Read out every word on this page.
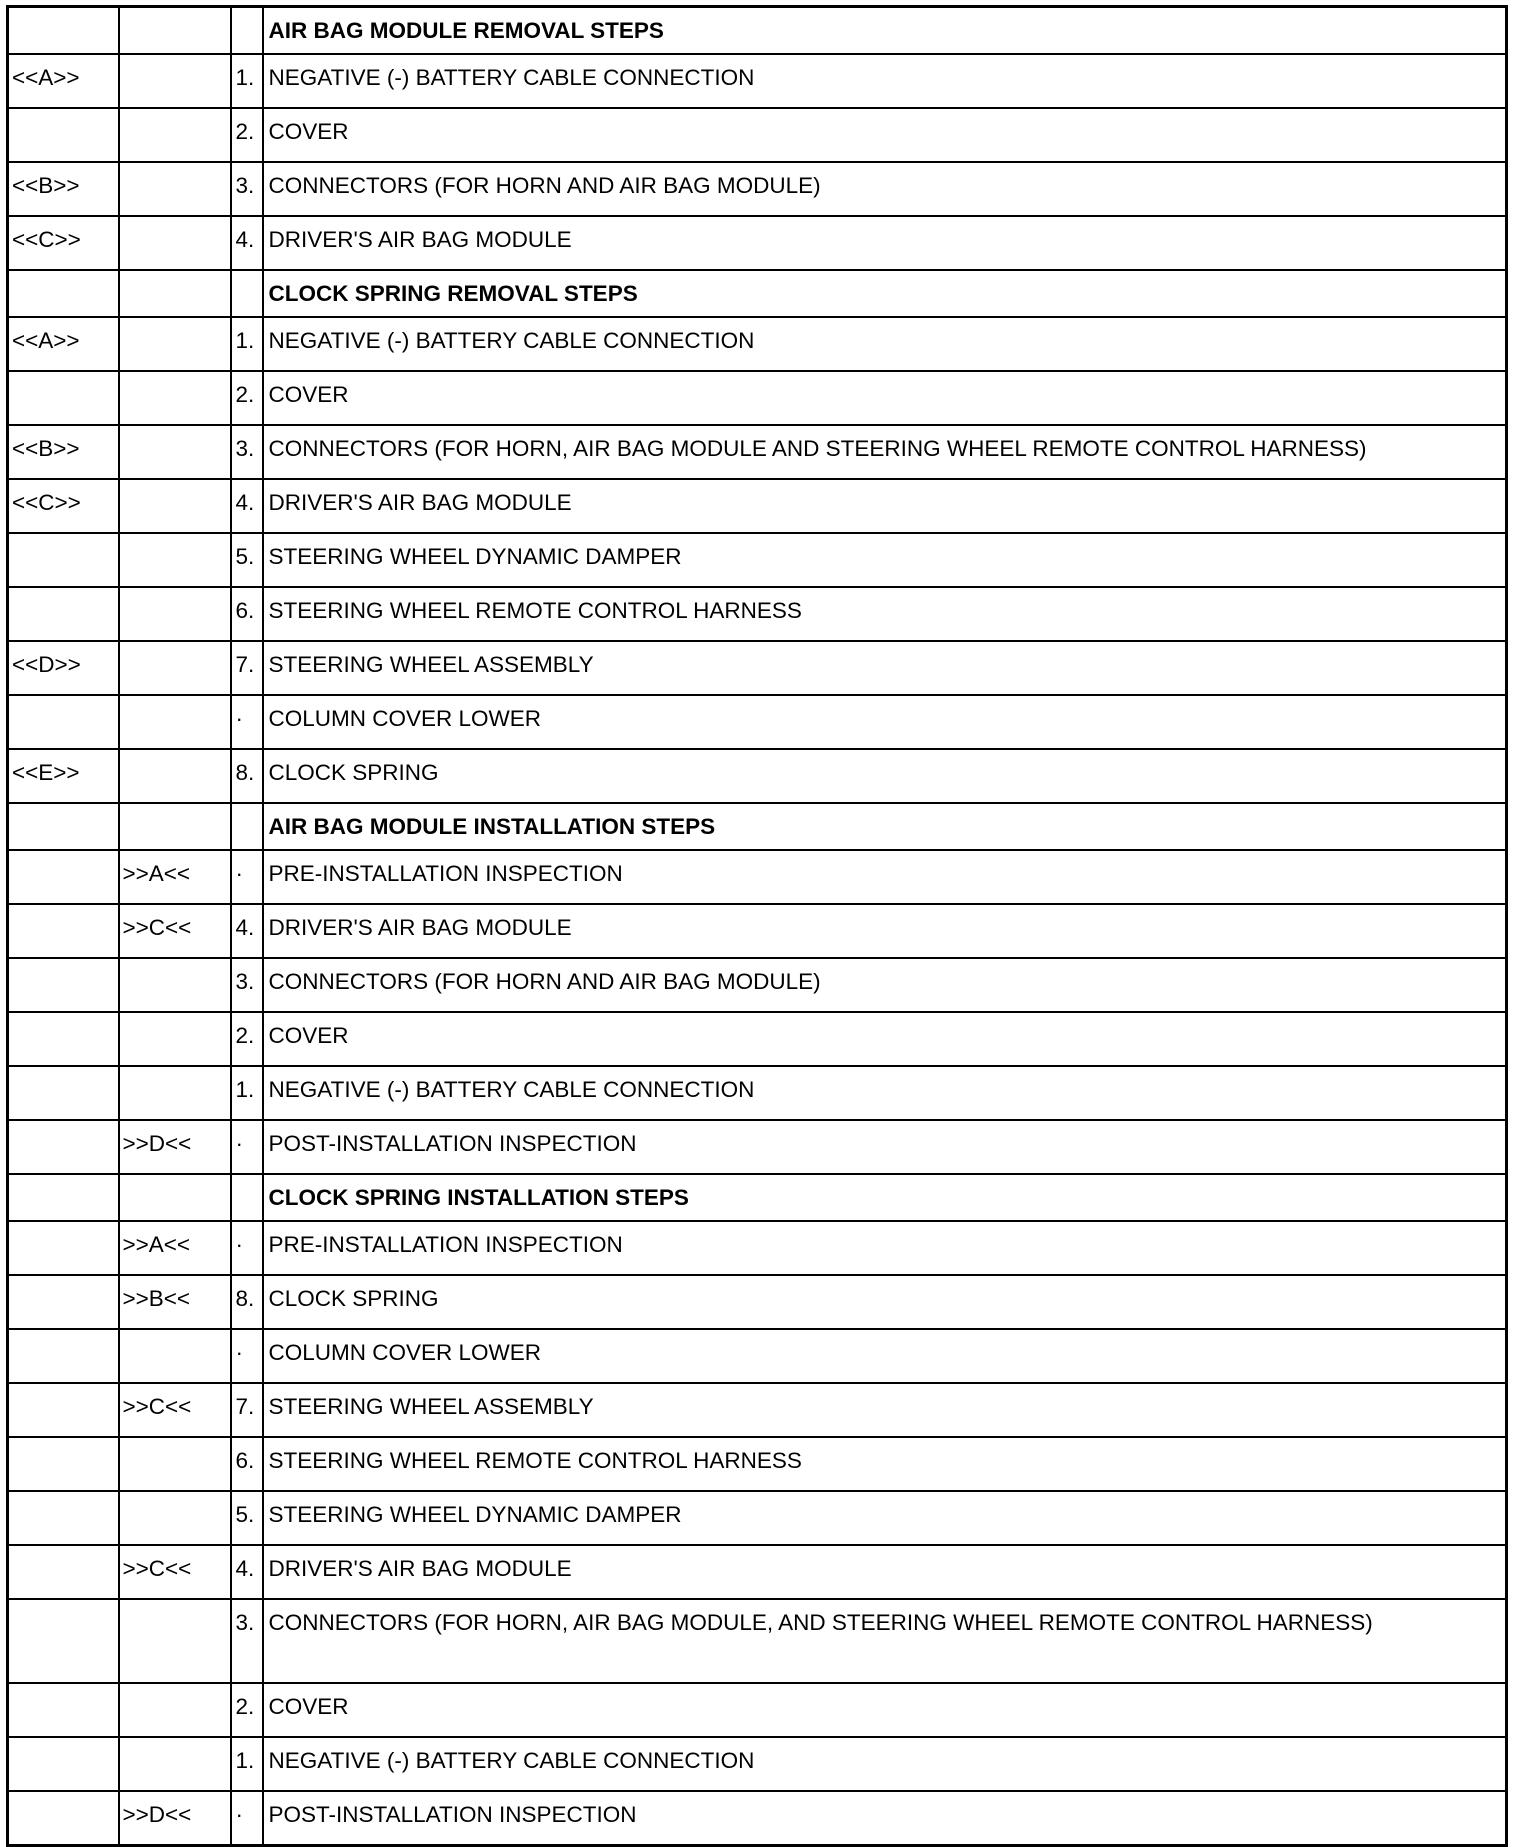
			AIR BAG MODULE REMOVAL STEPS
<<A>>		1.	NEGATIVE (-) BATTERY CABLE CONNECTION
		2.	COVER
<<B>>		3.	CONNECTORS (FOR HORN AND AIR BAG MODULE)
<<C>>		4.	DRIVER'S AIR BAG MODULE
			CLOCK SPRING REMOVAL STEPS
<<A>>		1.	NEGATIVE (-) BATTERY CABLE CONNECTION
		2.	COVER
<<B>>		3.	CONNECTORS (FOR HORN, AIR BAG MODULE AND STEERING WHEEL REMOTE CONTROL HARNESS)
<<C>>		4.	DRIVER'S AIR BAG MODULE
		5.	STEERING WHEEL DYNAMIC DAMPER
		6.	STEERING WHEEL REMOTE CONTROL HARNESS
<<D>>		7.	STEERING WHEEL ASSEMBLY
		·	COLUMN COVER LOWER
<<E>>		8.	CLOCK SPRING
			AIR BAG MODULE INSTALLATION STEPS
	>>A<<	·	PRE-INSTALLATION INSPECTION
	>>C<<	4.	DRIVER'S AIR BAG MODULE
		3.	CONNECTORS (FOR HORN AND AIR BAG MODULE)
		2.	COVER
		1.	NEGATIVE (-) BATTERY CABLE CONNECTION
	>>D<<	·	POST-INSTALLATION INSPECTION
			CLOCK SPRING INSTALLATION STEPS
	>>A<<	·	PRE-INSTALLATION INSPECTION
	>>B<<	8.	CLOCK SPRING
		·	COLUMN COVER LOWER
	>>C<<	7.	STEERING WHEEL ASSEMBLY
		6.	STEERING WHEEL REMOTE CONTROL HARNESS
		5.	STEERING WHEEL DYNAMIC DAMPER
	>>C<<	4.	DRIVER'S AIR BAG MODULE
		3.	CONNECTORS (FOR HORN, AIR BAG MODULE, AND STEERING WHEEL REMOTE CONTROL HARNESS)
		2.	COVER
		1.	NEGATIVE (-) BATTERY CABLE CONNECTION
	>>D<<	·	POST-INSTALLATION INSPECTION
